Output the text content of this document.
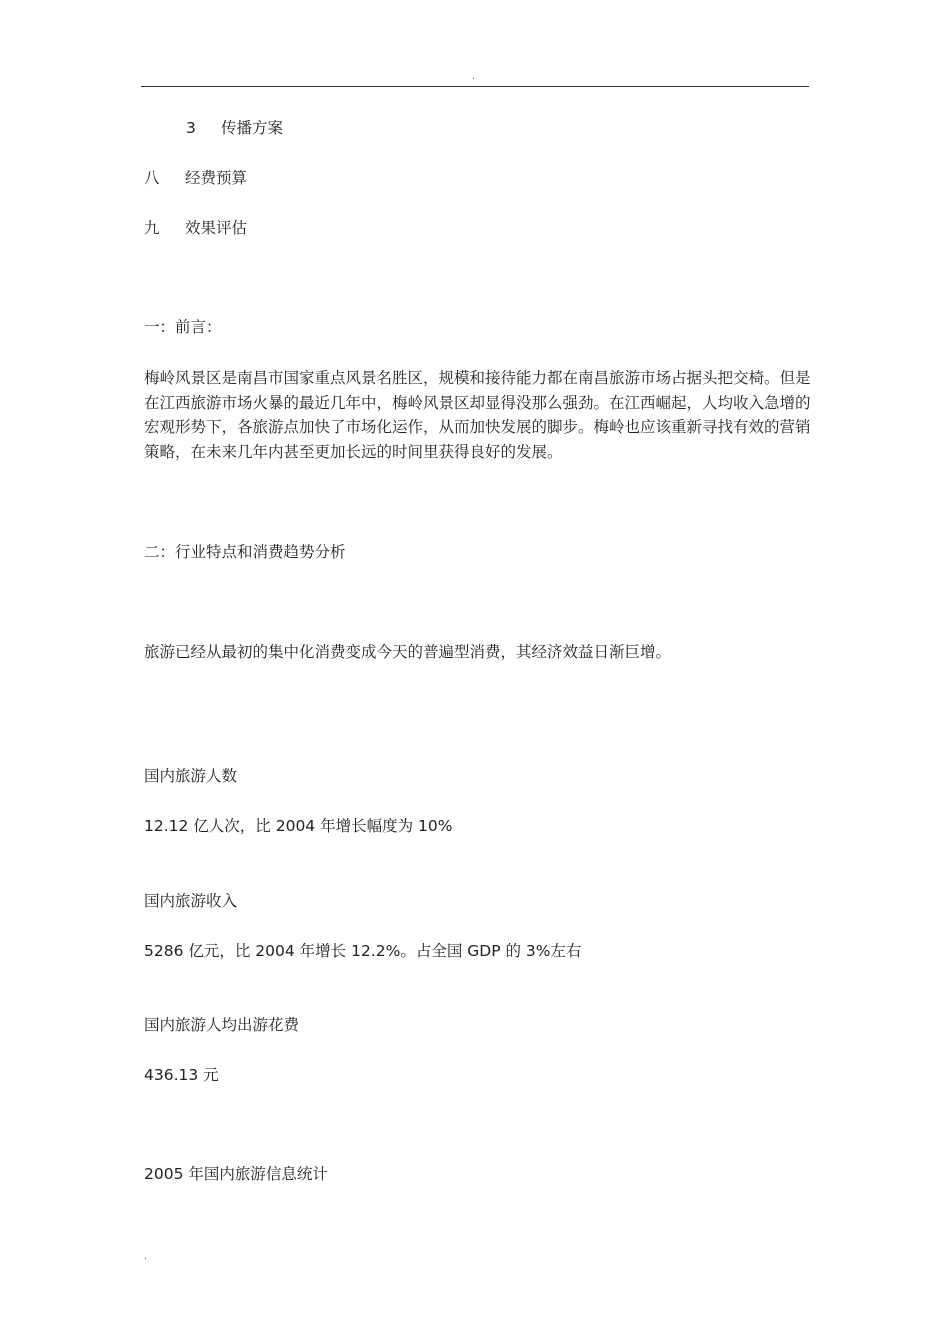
.
3 传播方案
八 经费预算
九 效果评估
一：前言：
梅岭风景区是南昌市国家重点风景名胜区，规模和接待能力都在南昌旅游市场占据头把交椅。但是在江西旅游市场火暴的最近几年中，梅岭风景区却显得没那么强劲。在江西崛起，人均收入急增的宏观形势下，各旅游点加快了市场化运作，从而加快发展的脚步。梅岭也应该重新寻找有效的营销策略，在未来几年内甚至更加长远的时间里获得良好的发展。
二：行业特点和消费趋势分析
旅游已经从最初的集中化消费变成今天的普遍型消费，其经济效益日渐巨增。
国内旅游人数
12.12 亿人次，比 2004 年增长幅度为 10%
国内旅游收入
5286 亿元，比 2004 年增长 12.2%。占全国 GDP 的 3%左右
国内旅游人均出游花费
436.13 元
2005 年国内旅游信息统计
.
